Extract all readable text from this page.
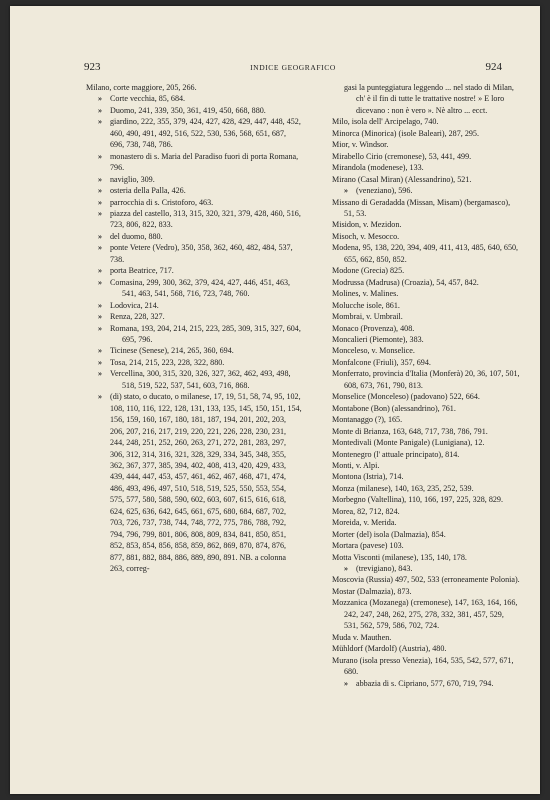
923	INDICE GEOGRAFICO	924
Milano, corte maggiore, 205, 266.
» Corte vecchia, 85, 684.
» Duomo, 241, 339, 350, 361, 419, 450, 668, 880.
» giardino, 222, 355, 379, 424, 427, 428, 429, 447, 448, 452, 460, 490, 491, 492, 516, 522, 530, 536, 568, 651, 687, 696, 738, 748, 786.
» monastero di s. Maria del Paradiso fuori di porta Romana, 796.
» naviglio, 309.
» osteria della Palla, 426.
» parrocchia di s. Cristoforo, 463.
» piazza del castello, 313, 315, 320, 321, 379, 428, 460, 516, 723, 806, 822, 833.
» del duomo, 880.
» ponte Vetere (Vedro), 350, 358, 362, 460, 482, 484, 537, 738.
» porta Beatrice, 717.
» Comasina, 299, 300, 362, 379, 424, 427, 446, 451, 463, 541, 463, 541, 568, 716, 723, 748, 760.
» Lodovica, 214.
» Renza, 228, 327.
» Romana, 193, 204, 214, 215, 223, 285, 309, 315, 327, 604, 695, 796.
» Ticinese (Senese), 214, 265, 360, 694.
» Tosa, 214, 215, 223, 228, 322, 880.
» Vercellina, 300, 315, 320, 326, 327, 362, 462, 493, 498, 518, 519, 522, 537, 541, 603, 716, 868.
» (di) stato, o ducato, o milanese, 17, 19, 51, 58, 74, 95, 102, 108, 110, 116, 122, 128, 131, 133, 135, 145, 150, 151, 154, 156, 159, 160, 167, 180, 181, 187, 194, 201, 202, 203, 206, 207, 216, 217, 219, 220, 221, 226, 228, 230, 231, 244, 248, 251, 252, 260, 263, 271, 272, 281, 283, 297, 306, 312, 314, 316, 321, 328, 329, 334, 345, 348, 355, 362, 367, 377, 385, 394, 402, 408, 413, 420, 429, 433, 439, 444, 447, 453, 457, 461, 462, 467, 468, 471, 474, 486, 493, 496, 497, 510, 518, 519, 525, 550, 553, 554, 575, 577, 580, 588, 590, 602, 603, 607, 615, 616, 618, 624, 625, 636, 642, 645, 661, 675, 680, 684, 687, 702, 703, 726, 737, 738, 744, 748, 772, 775, 786, 788, 792, 794, 796, 799, 801, 806, 808, 809, 834, 841, 850, 851, 852, 853, 854, 856, 858, 859, 862, 869, 870, 874, 876, 877, 881, 882, 884, 886, 889, 890, 891. NB. a colonna 263, correg-
gasi la punteggiatura leggendo ... nel stado di Milan, ch' è il fin di tutte le trattative nostre! » E loro dicevano : non è vero ». Nè altro ... ecct.
Milo, isola dell' Arcipelago, 740.
Minorca (Minorica) (isole Baleari), 287, 295.
Mior, v. Windsor.
Mirabello Cirio (cremonese), 53, 441, 499.
Mirandola (modenese), 133.
Mirano (Casal Miran) (Alessandrino), 521.
» (veneziano), 596.
Missano di Geradadda (Missan, Misam) (bergamasco), 51, 53.
Misidon, v. Mezidon.
Misoch, v. Mesocco.
Modena, 95, 138, 220, 394, 409, 411, 413, 485, 640, 650, 655, 662, 850, 852.
Modone (Grecia) 825.
Modrussa (Madrusa) (Croazia), 54, 457, 842.
Molines, v. Malines.
Molucche isole, 861.
Mombrai, v. Umbrail.
Monaco (Provenza), 408.
Moncalieri (Piemonte), 383.
Monceleso, v. Monselice.
Monfalcone (Friuli), 357, 694.
Monferrato, provincia d'Italia (Monferà) 20, 36, 107, 501, 608, 673, 761, 790, 813.
Monselice (Monceleso) (padovano) 522, 664.
Montabone (Bon) (alessandrino), 761.
Montanaggo (?), 165.
Monte di Brianza, 163, 648, 717, 738, 786, 791.
Montedivali (Monte Panigale) (Lunigiana), 12.
Montenegro (l' attuale principato), 814.
Monti, v. Alpi.
Montona (Istria), 714.
Monza (milanese), 140, 163, 235, 252, 539.
Morbegno (Valtellina), 110, 166, 197, 225, 328, 829.
Morea, 82, 712, 824.
Moreida, v. Merida.
Morter (del) isola (Dalmazia), 854.
Mortara (pavese) 103.
Motta Visconti (milanese), 135, 140, 178.
» (trevigiano), 843.
Moscovia (Russia) 497, 502, 533 (erroneamente Polonia).
Mostar (Dalmazia), 873.
Mozzanica (Mozanega) (cremonese), 147, 163, 164, 166, 242, 247, 248, 262, 275, 278, 332, 381, 457, 529, 531, 562, 579, 586, 702, 724.
Muda v. Mauthen.
Mühldorf (Mardolf) (Austria), 480.
Murano (isola presso Venezia), 164, 535, 542, 577, 671, 680.
» abbazia di s. Cipriano, 577, 670, 719, 794.
